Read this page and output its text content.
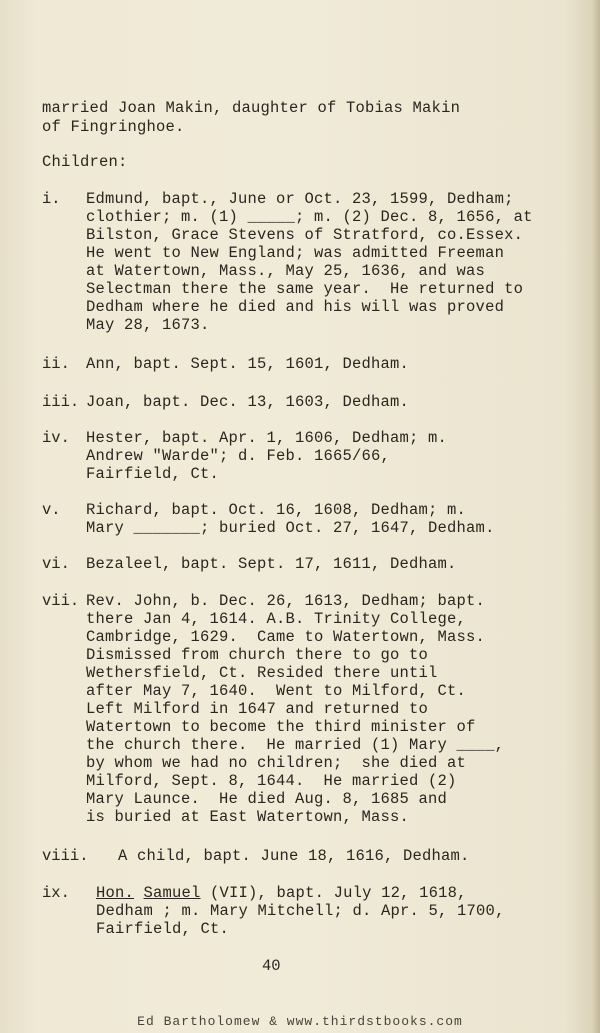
married Joan Makin, daughter of Tobias Makin
of Fingringhoe.
Children:
i. Edmund, bapt., June or Oct. 23, 1599, Dedham;
clothier; m. (1) _____; m. (2) Dec. 8, 1656, at
Bilston, Grace Stevens of Stratford, co.Essex.
He went to New England; was admitted Freeman
at Watertown, Mass., May 25, 1636, and was
Selectman there the same year.  He returned to
Dedham where he died and his will was proved
May 28, 1673.
ii. Ann, bapt. Sept. 15, 1601, Dedham.
iii. Joan, bapt. Dec. 13, 1603, Dedham.
iv. Hester, bapt. Apr. 1, 1606, Dedham; m.
Andrew "Warde"; d. Feb. 1665/66,
Fairfield, Ct.
v. Richard, bapt. Oct. 16, 1608, Dedham; m.
Mary _______; buried Oct. 27, 1647, Dedham.
vi. Bezaleel, bapt. Sept. 17, 1611, Dedham.
vii. Rev. John, b. Dec. 26, 1613, Dedham; bapt.
there Jan 4, 1614. A.B. Trinity College,
Cambridge, 1629.  Came to Watertown, Mass.
Dismissed from church there to go to
Wethersfield, Ct. Resided there until
after May 7, 1640.  Went to Milford, Ct.
Left Milford in 1647 and returned to
Watertown to become the third minister of
the church there.  He married (1) Mary ____,
by whom we had no children;  she died at
Milford, Sept. 8, 1644.  He married (2)
Mary Launce.  He died Aug. 8, 1685 and
is buried at East Watertown, Mass.
viii. A child, bapt. June 18, 1616, Dedham.
ix. Hon. Samuel (VII), bapt. July 12, 1618,
Dedham ; m. Mary Mitchell; d. Apr. 5, 1700,
Fairfield, Ct.
40
Ed Bartholomew & www.thirdstbooks.com
